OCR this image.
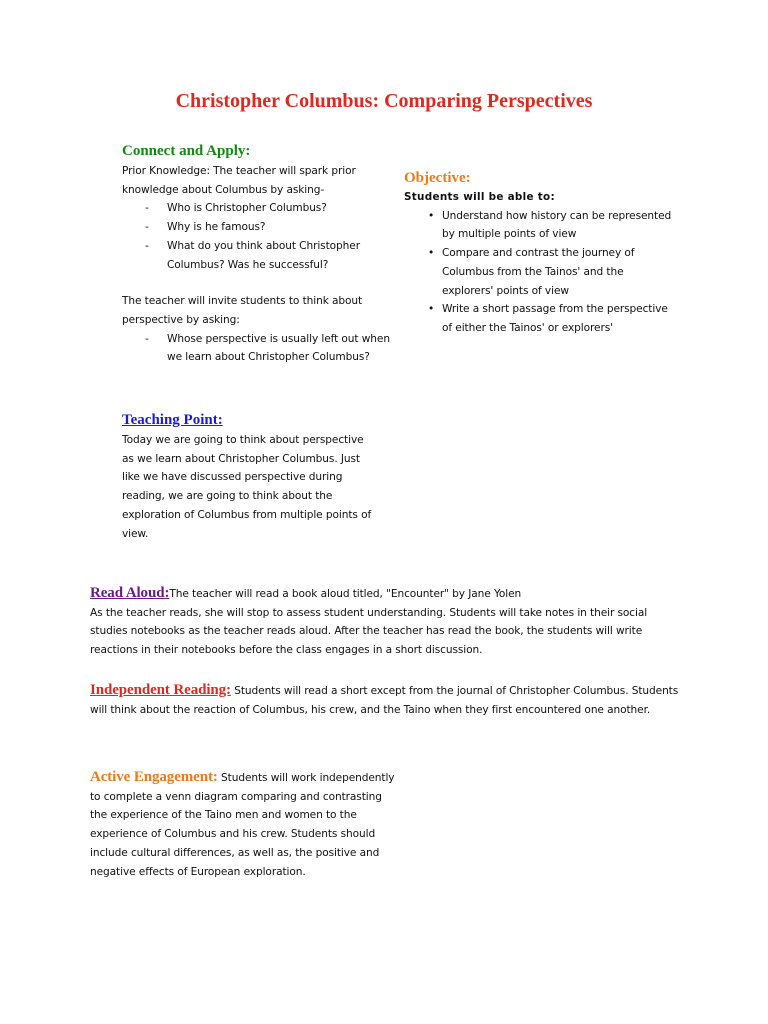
Christopher Columbus: Comparing Perspectives
Connect and Apply:
Prior Knowledge: The teacher will spark prior knowledge about Columbus by asking-
- Who is Christopher Columbus?
- Why is he famous?
- What do you think about Christopher Columbus? Was he successful?
The teacher will invite students to think about perspective by asking:
- Whose perspective is usually left out when we learn about Christopher Columbus?
Objective:
Students will be able to:
• Understand how history can be represented by multiple points of view
• Compare and contrast the journey of Columbus from the Tainos' and the explorers' points of view
• Write a short passage from the perspective of either the Tainos' or explorers'
Teaching Point:
Today we are going to think about perspective as we learn about Christopher Columbus. Just like we have discussed perspective during reading, we are going to think about the exploration of Columbus from multiple points of view.
Read Aloud:The teacher will read a book aloud titled, "Encounter" by Jane Yolen
As the teacher reads, she will stop to assess student understanding. Students will take notes in their social studies notebooks as the teacher reads aloud. After the teacher has read the book, the students will write reactions in their notebooks before the class engages in a short discussion.
Independent Reading: Students will read a short except from the journal of Christopher Columbus. Students will think about the reaction of Columbus, his crew, and the Taino when they first encountered one another.
Active Engagement: Students will work independently to complete a venn diagram comparing and contrasting the experience of the Taino men and women to the experience of Columbus and his crew. Students should include cultural differences, as well as, the positive and negative effects of European exploration.
